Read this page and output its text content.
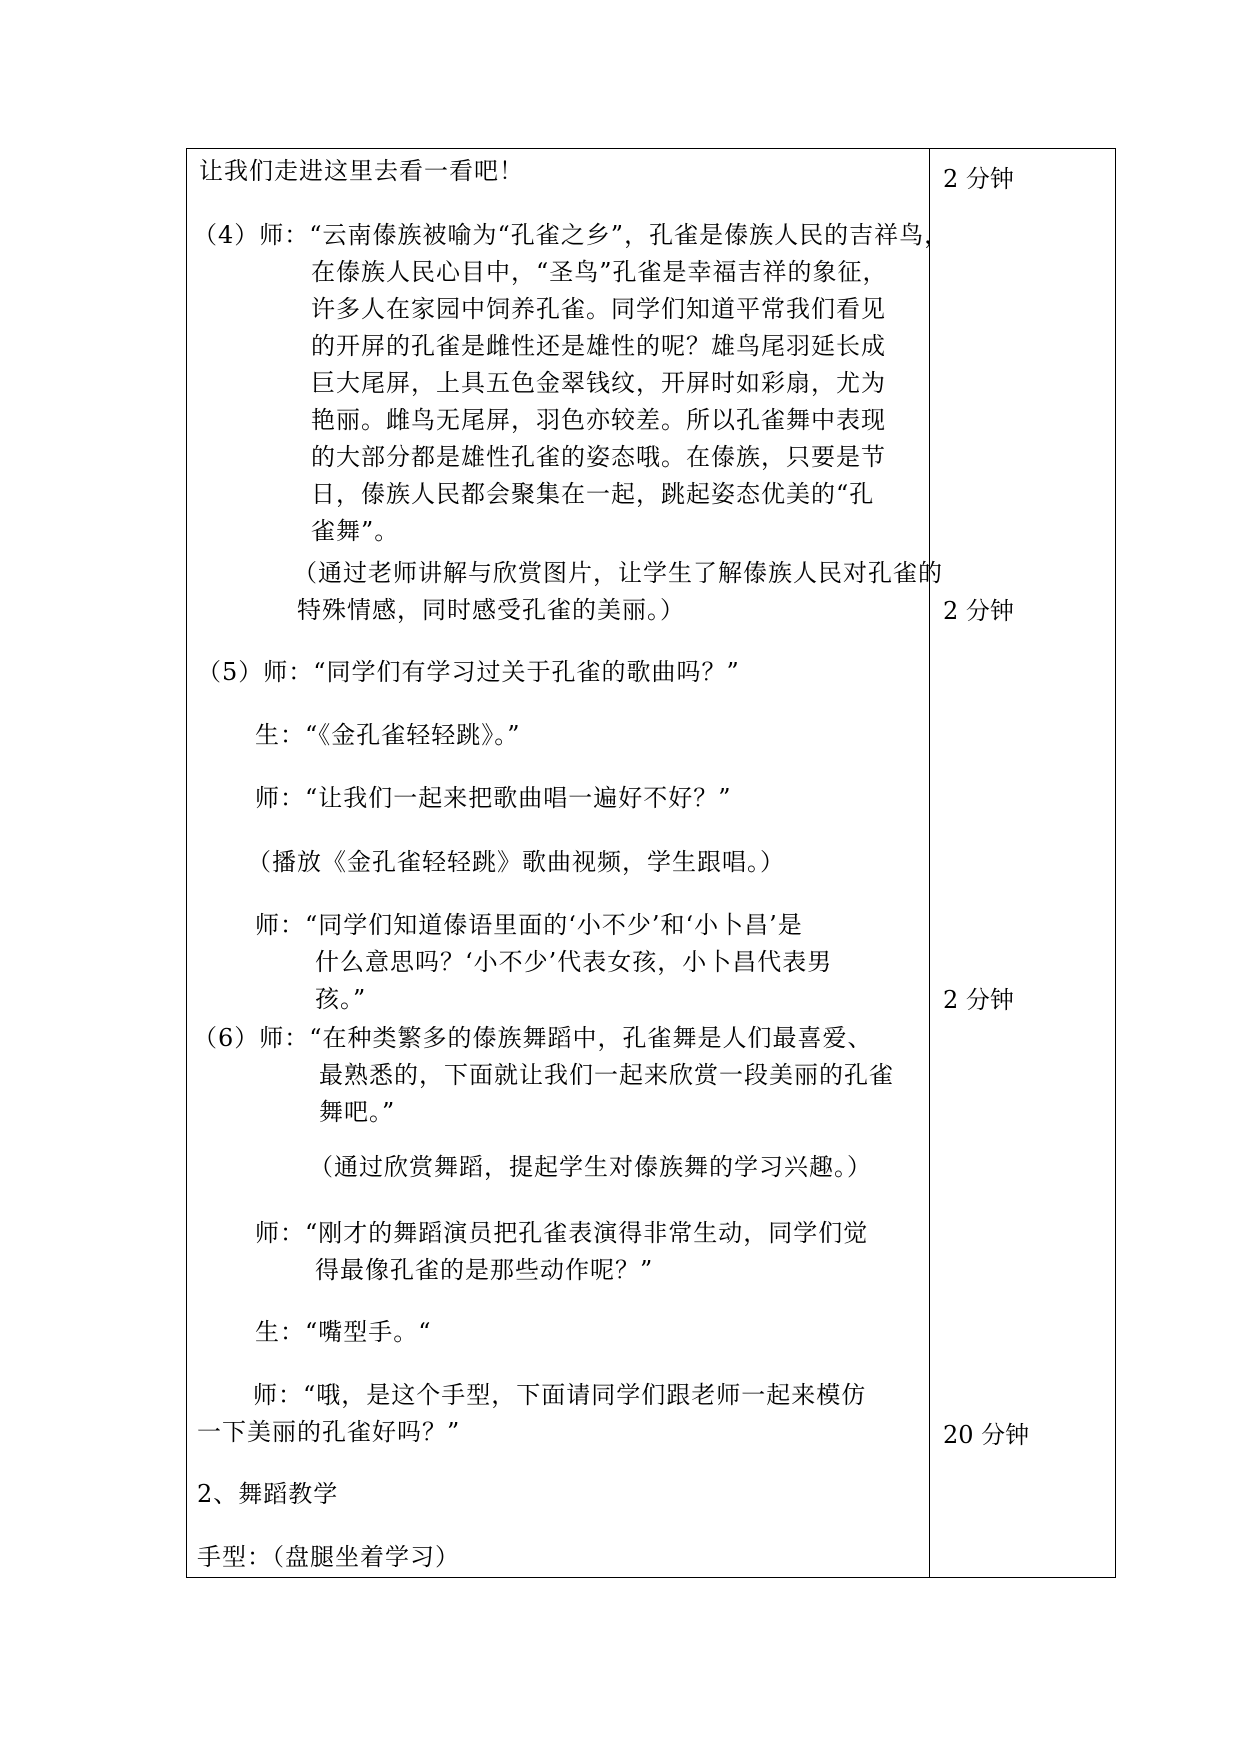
让我们走进这里去看一看吧！
（4）师：“云南傣族被喻为“孔雀之乡”，孔雀是傣族人民的吉祥鸟，
在傣族人民心目中，“圣鸟”孔雀是幸福吉祥的象征，
许多人在家园中饲养孔雀。同学们知道平常我们看见
的开屏的孔雀是雌性还是雄性的呢？雄鸟尾羽延长成
巨大尾屏，上具五色金翠钱纹，开屏时如彩扇，尤为
艳丽。雌鸟无尾屏，羽色亦较差。所以孔雀舞中表现
的大部分都是雄性孔雀的姿态哦。在傣族，只要是节
日，傣族人民都会聚集在一起，跳起姿态优美的“孔
雀舞”。
（通过老师讲解与欣赏图片，让学生了解傣族人民对孔雀的
特殊情感，同时感受孔雀的美丽。）
（5）师：“同学们有学习过关于孔雀的歌曲吗？”
生：“《金孔雀轻轻跳》。”
师：“让我们一起来把歌曲唱一遍好不好？”
（播放《金孔雀轻轻跳》歌曲视频，学生跟唱。）
师：“同学们知道傣语里面的‘小不少’和‘小卜昌’是
什么意思吗？‘小不少’代表女孩，小卜昌代表男
孩。”
（6）师：“在种类繁多的傣族舞蹈中，孔雀舞是人们最喜爱、
最熟悉的，下面就让我们一起来欣赏一段美丽的孔雀
舞吧。”
（通过欣赏舞蹈，提起学生对傣族舞的学习兴趣。）
师：“刚才的舞蹈演员把孔雀表演得非常生动，同学们觉
得最像孔雀的是那些动作呢？”
生：“嘴型手。“
师：“哦，是这个手型，下面请同学们跟老师一起来模仿
一下美丽的孔雀好吗？”
2、舞蹈教学
手型：（盘腿坐着学习）
2 分钟
2 分钟
2 分钟
20 分钟
